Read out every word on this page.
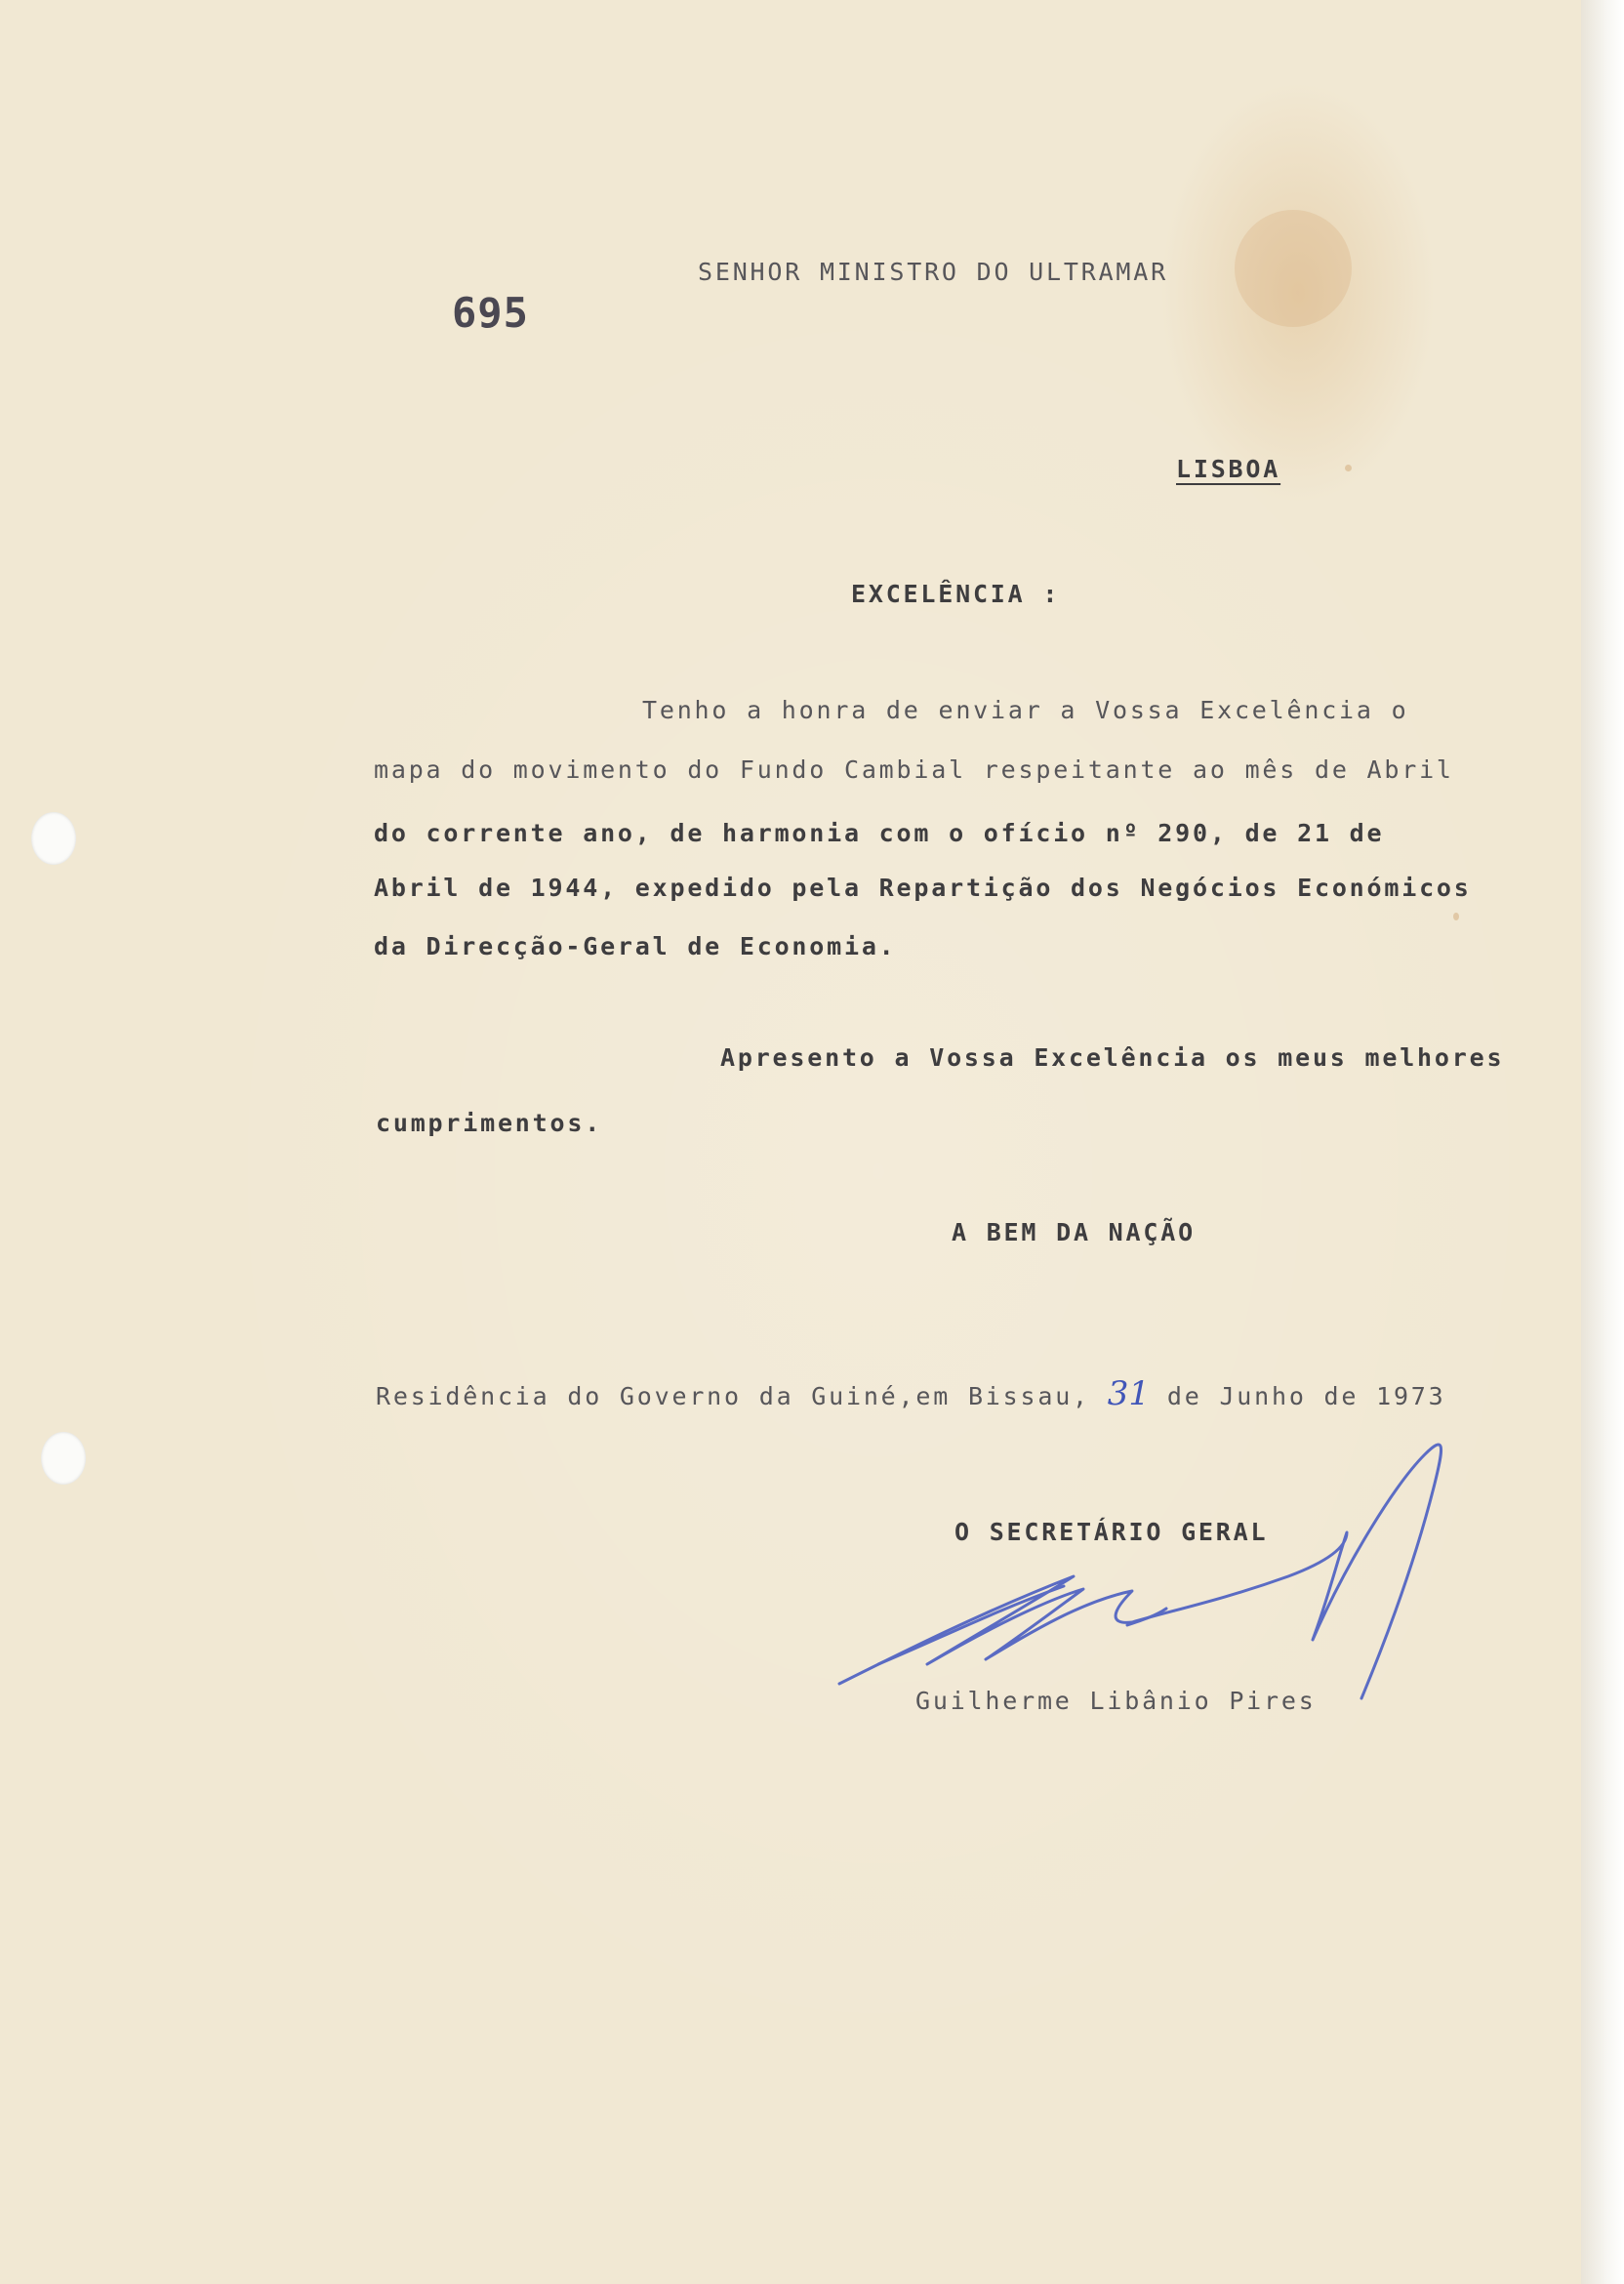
695
SENHOR MINISTRO DO ULTRAMAR
LISBOA
EXCELÊNCIA :
Tenho a honra de enviar a Vossa Excelência o
mapa do movimento do Fundo Cambial respeitante ao mês de Abril
do corrente ano, de harmonia com o ofício nº 290, de 21 de
Abril de 1944, expedido pela Repartição dos Negócios Económicos
da Direcção-Geral de Economia.
Apresento a Vossa Excelência os meus melhores
cumprimentos.
A BEM DA NAÇÃO
Residência do Governo da Guiné,em Bissau, 31 de Junho de 1973
O SECRETÁRIO GERAL
Guilherme Libânio Pires
